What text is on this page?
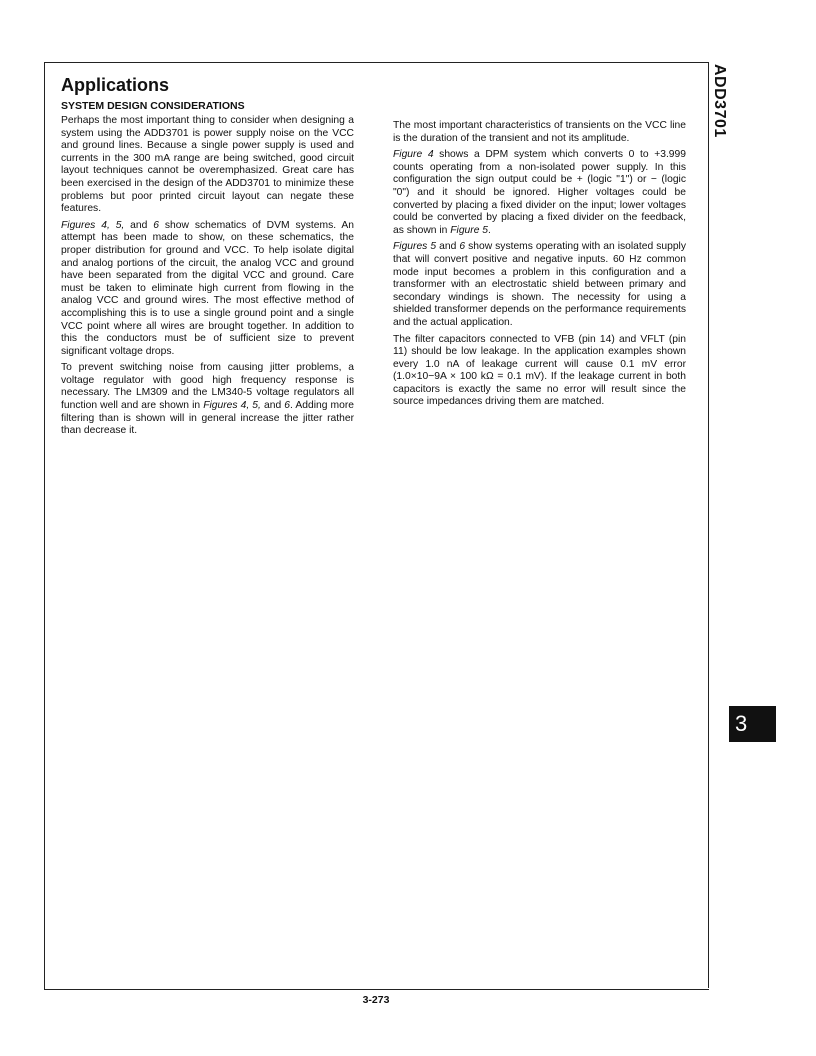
ADD3701
3
Applications
SYSTEM DESIGN CONSIDERATIONS

Perhaps the most important thing to consider when designing a system using the ADD3701 is power supply noise on the VCC and ground lines. Because a single power supply is used and currents in the 300 mA range are being switched, good circuit layout techniques cannot be overemphasized. Great care has been exercised in the design of the ADD3701 to minimize these problems but poor printed circuit layout can negate these features.

Figures 4, 5, and 6 show schematics of DVM systems. An attempt has been made to show, on these schematics, the proper distribution for ground and VCC. To help isolate digital and analog portions of the circuit, the analog VCC and ground have been separated from the digital VCC and ground. Care must be taken to eliminate high current from flowing in the analog VCC and ground wires. The most effective method of accomplishing this is to use a single ground point and a single VCC point where all wires are brought together. In addition to this the conductors must be of sufficient size to prevent significant voltage drops.

To prevent switching noise from causing jitter problems, a voltage regulator with good high frequency response is necessary. The LM309 and the LM340-5 voltage regulators all function well and are shown in Figures 4, 5, and 6. Adding more filtering than is shown will in general increase the jitter rather than decrease it.

The most important characteristics of transients on the VCC line is the duration of the transient and not its amplitude.

Figure 4 shows a DPM system which converts 0 to +3.999 counts operating from a non-isolated power supply. In this configuration the sign output could be + (logic "1") or − (logic "0") and it should be ignored. Higher voltages could be converted by placing a fixed divider on the input; lower voltages could be converted by placing a fixed divider on the feedback, as shown in Figure 5.

Figures 5 and 6 show systems operating with an isolated supply that will convert positive and negative inputs. 60 Hz common mode input becomes a problem in this configuration and a transformer with an electrostatic shield between primary and secondary windings is shown. The necessity for using a shielded transformer depends on the performance requirements and the actual application.

The filter capacitors connected to VFB (pin 14) and VFLT (pin 11) should be low leakage. In the application examples shown every 1.0 nA of leakage current will cause 0.1 mV error (1.0×10−9A × 100 kΩ = 0.1 mV). If the leakage current in both capacitors is exactly the same no error will result since the source impedances driving them are matched.

3-273
